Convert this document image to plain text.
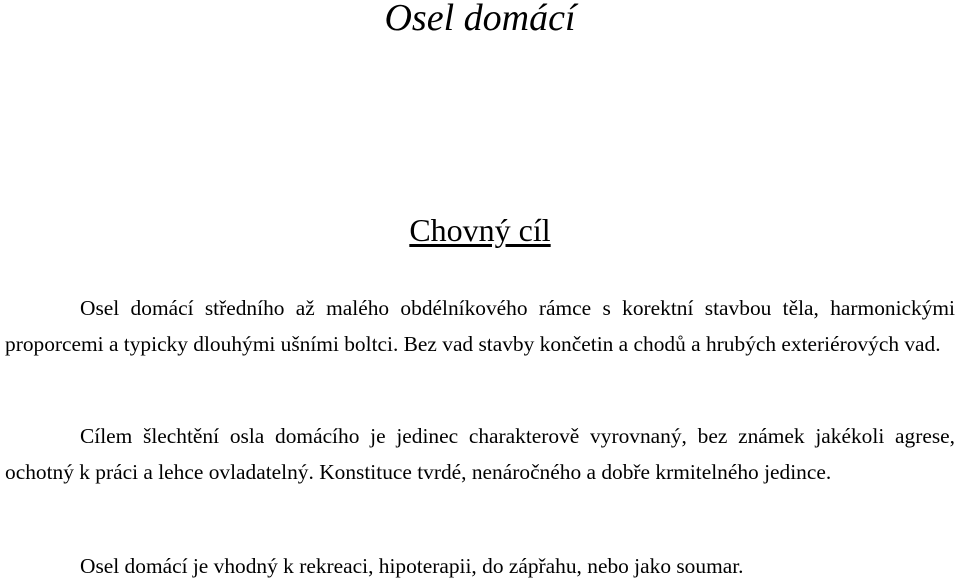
Osel domácí
Chovný cíl

Osel domácí středního až malého obdélníkového rámce s korektní stavbou těla, harmonickými proporcemi a typicky dlouhými ušními boltci. Bez vad stavby končetin a chodů a hrubých exteriérových vad.

Cílem šlechtění osla domácího je jedinec charakterově vyrovnaný, bez známek jakékoli agrese, ochotný k práci a lehce ovladatelný. Konstituce tvrdé, nenáročného a dobře krmitelného jedince.

Osel domácí je vhodný k rekreaci, hipoterapii, do zápřahu, nebo jako soumar.
